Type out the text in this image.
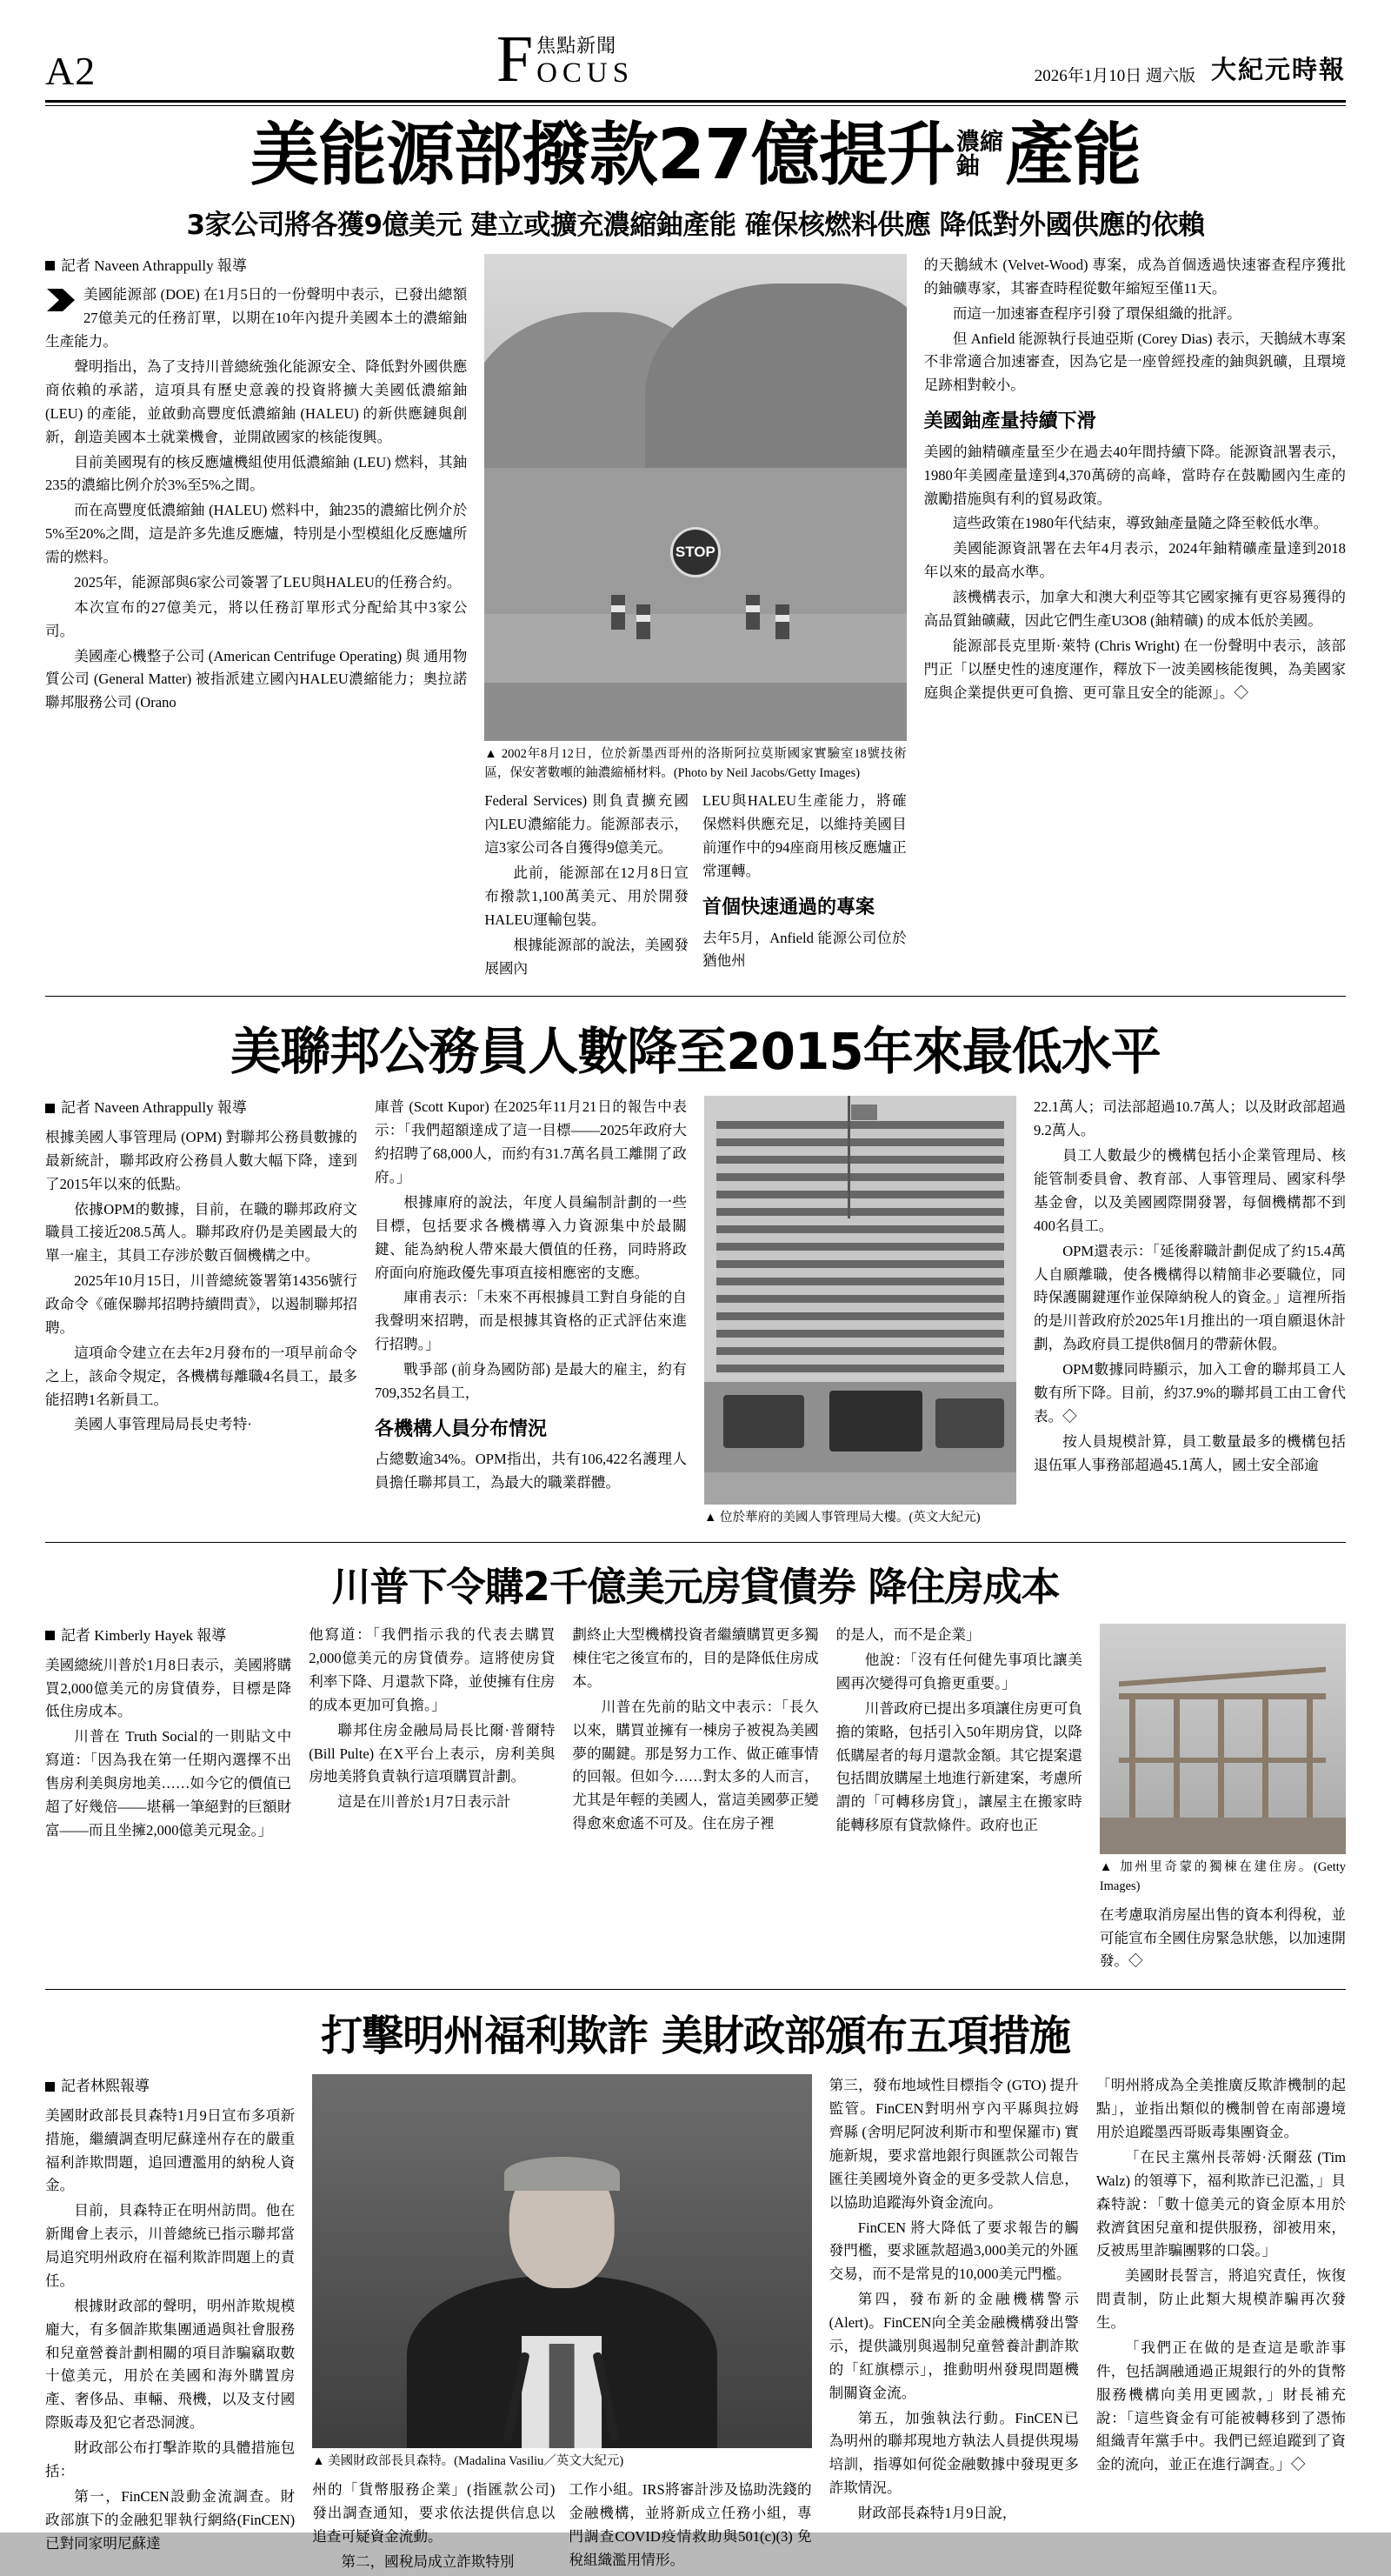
A2	F 焦點新聞
OCUS	2026年1月10日 週六版 大紀元時報
美能源部撥款27億提升 濃縮
鈾 產能
3家公司將各獲9億美元 建立或擴充濃縮鈾產能 確保核燃料供應 降低對外國供應的依賴
記者 Naveen Athrappully 報導

美國能源部 (DOE) 在1月5日的一份聲明中表示，已發出總額27億美元的任務訂單，以期在10年內提升美國本土的濃縮鈾生產能力。

聲明指出，為了支持川普總統強化能源安全、降低對外國供應商依賴的承諾，這項具有歷史意義的投資將擴大美國低濃縮鈾 (LEU) 的產能，並啟動高豐度低濃縮鈾 (HALEU) 的新供應鏈與創新，創造美國本土就業機會，並開啟國家的核能復興。

目前美國現有的核反應爐機組使用低濃縮鈾 (LEU) 燃料，其鈾235的濃縮比例介於3%至5%之間。

而在高豐度低濃縮鈾 (HALEU) 燃料中，鈾235的濃縮比例介於5%至20%之間，這是許多先進反應爐，特別是小型模組化反應爐所需的燃料。

2025年，能源部與6家公司簽署了LEU與HALEU的任務合約。

本次宣布的27億美元，將以任務訂單形式分配給其中3家公司。

美國產心機整子公司 (American Centrifuge Operating) 與 通用物質公司 (General Matter) 被指派建立國內HALEU濃縮能力；奧拉諾聯邦服務公司 (Orano

STOP
▲ 2002年8月12日，位於新墨西哥州的洛斯阿拉莫斯國家實驗室18號技術區，保安著數噸的鈾濃縮桶材料。(Photo by Neil Jacobs/Getty Images)

Federal Services) 則負責擴充國內LEU濃縮能力。能源部表示，這3家公司各自獲得9億美元。

此前，能源部在12月8日宣布撥款1,100萬美元、用於開發HALEU運輸包裝。

根據能源部的說法，美國發展國內

LEU與HALEU生產能力，將確保燃料供應充足，以維持美國目前運作中的94座商用核反應爐正常運轉。

首個快速通過的專案

去年5月，Anfield 能源公司位於猶他州

的天鵝絨木 (Velvet-Wood) 專案，成為首個透過快速審查程序獲批的鈾礦專家，其審查時程從數年縮短至僅11天。

而這一加速審查程序引發了環保組織的批評。

但 Anfield 能源執行長迪亞斯 (Corey Dias) 表示，天鵝絨木專案不非常適合加速審查，因為它是一座曾經投產的鈾與釩礦，且環境足跡相對較小。

美國鈾產量持續下滑

美國的鈾精礦產量至少在過去40年間持續下降。能源資訊署表示，1980年美國產量達到4,370萬磅的高峰，當時存在鼓勵國內生產的激勵措施與有利的貿易政策。

這些政策在1980年代結束，導致鈾產量隨之降至較低水準。

美國能源資訊署在去年4月表示，2024年鈾精礦產量達到2018年以來的最高水準。

該機構表示，加拿大和澳大利亞等其它國家擁有更容易獲得的高品質鈾礦藏，因此它們生產U3O8 (鈾精礦) 的成本低於美國。

能源部長克里斯·萊特 (Chris Wright) 在一份聲明中表示，該部門正「以歷史性的速度運作，釋放下一波美國核能復興，為美國家庭與企業提供更可負擔、更可靠且安全的能源」。◇

美聯邦公務員人數降至2015年來最低水平
記者 Naveen Athrappully 報導

根據美國人事管理局 (OPM) 對聯邦公務員數據的最新統計，聯邦政府公務員人數大幅下降，達到了2015年以來的低點。

依據OPM的數據，目前，在職的聯邦政府文職員工接近208.5萬人。聯邦政府仍是美國最大的單一雇主，其員工存涉於數百個機構之中。

2025年10月15日，川普總統簽署第14356號行政命令《確保聯邦招聘持續問責》，以遏制聯邦招聘。

這項命令建立在去年2月發布的一項早前命令之上，該命令規定，各機構每離職4名員工，最多能招聘1名新員工。

美國人事管理局局長史考特·

庫普 (Scott Kupor) 在2025年11月21日的報告中表示：「我們超額達成了這一目標——2025年政府大約招聘了68,000人，而約有31.7萬名員工離開了政府。」

根據庫府的說法，年度人員編制計劃的一些目標，包括要求各機構導入力資源集中於最關鍵、能為納稅人帶來最大價值的任務，同時將政府面向府施政優先事項直接相應密的支應。

庫甫表示：「未來不再根據員工對自身能的自我聲明來招聘，而是根據其資格的正式評估來進行招聘。」

戰爭部 (前身為國防部) 是最大的雇主，約有709,352名員工，

各機構人員分布情況

占總數逾34%。OPM指出，共有106,422名護理人員擔任聯邦員工，為最大的職業群體。

▲ 位於華府的美國人事管理局大樓。(英文大紀元)

22.1萬人；司法部超過10.7萬人；以及財政部超過9.2萬人。

員工人數最少的機構包括小企業管理局、核能管制委員會、教育部、人事管理局、國家科學基金會，以及美國國際開發署，每個機構都不到400名員工。

OPM還表示：「延後辭職計劃促成了約15.4萬人自願離職，使各機構得以精簡非必要職位，同時保護關鍵運作並保障納稅人的資金。」這裡所指的是川普政府於2025年1月推出的一項自願退休計劃，為政府員工提供8個月的帶薪休假。

OPM數據同時顯示，加入工會的聯邦員工人數有所下降。目前，約37.9%的聯邦員工由工會代表。◇

按人員規模計算，員工數量最多的機構包括退伍軍人事務部超過45.1萬人，國土安全部逾

川普下令購2千億美元房貸債券 降住房成本
記者 Kimberly Hayek 報導

美國總統川普於1月8日表示，美國將購買2,000億美元的房貸債券，目標是降低住房成本。

川普在 Truth Social的一則貼文中寫道：「因為我在第一任期內選擇不出售房利美與房地美……如今它的價值已超了好幾倍——堪稱一筆絕對的巨額財富——而且坐擁2,000億美元現金。」

他寫道：「我們指示我的代表去購買2,000億美元的房貸債券。這將使房貸利率下降、月還款下降，並使擁有住房的成本更加可負擔。」

聯邦住房金融局局長比爾·普爾特 (Bill Pulte) 在X平台上表示，房利美與房地美將負責執行這項購買計劃。

這是在川普於1月7日表示計

劃終止大型機構投資者繼續購買更多獨棟住宅之後宣布的，目的是降低住房成本。

川普在先前的貼文中表示：「長久以來，購買並擁有一棟房子被視為美國夢的關鍵。那是努力工作、做正確事情的回報。但如今……對太多的人而言，尤其是年輕的美國人，當這美國夢正變得愈來愈遙不可及。住在房子裡

的是人，而不是企業」

他說：「沒有任何健先事項比讓美國再次變得可負擔更重要。」

川普政府已提出多項讓住房更可負擔的策略，包括引入50年期房貸，以降低購屋者的每月還款金額。其它提案還包括間放購屋土地進行新建案，考慮所謂的「可轉移房貸」，讓屋主在搬家時能轉移原有貸款條件。政府也正

▲ 加州里奇蒙的獨棟在建住房。(Getty Images)

在考慮取消房屋出售的資本利得稅，並可能宣布全國住房緊急狀態，以加速開發。◇

打擊明州福利欺詐 美財政部頒布五項措施
記者林熙報導

美國財政部長貝森特1月9日宣布多項新措施，繼續調查明尼蘇達州存在的嚴重福利詐欺問題，追回遭濫用的納稅人資金。

目前，貝森特正在明州訪問。他在新聞會上表示，川普總統已指示聯邦當局追究明州政府在福利欺詐問題上的責任。

根據財政部的聲明，明州詐欺規模龐大，有多個詐欺集團通過與社會服務和兒童營養計劃相關的項目詐騙竊取數十億美元，用於在美國和海外購置房產、奢侈品、車輛、飛機，以及支付國際販毒及犯它者恐洞渡。

財政部公布打擊詐欺的具體措施包括：

第一，FinCEN設動金流調查。財政部旗下的金融犯罪執行網絡(FinCEN)已對同家明尼蘇達

▲ 美國財政部長貝森特。(Madalina Vasiliu／英文大紀元)

州的「貨幣服務企業」(指匯款公司) 發出調查通知，要求依法提供信息以追查可疑資金流動。

第二，國稅局成立詐欺特別

工作小組。IRS將審計涉及協助洗錢的金融機構，並將新成立任務小組，專門調查COVID疫情救助與501(c)(3) 免稅組織濫用情形。

第三，發布地域性目標指令 (GTO) 提升監管。FinCEN對明州亨內平縣與拉姆齊縣 (舍明尼阿波利斯市和聖保羅市) 實施新規，要求當地銀行與匯款公司報告匯往美國境外資金的更多受款人信息，以協助追蹤海外資金流向。

FinCEN 將大降低了要求報告的觸發門檻，要求匯款超過3,000美元的外匯交易，而不是常見的10,000美元門檻。

第四，發布新的金融機構警示 (Alert)。FinCEN向全美金融機構發出警示，提供識別與遏制兒童營養計劃詐欺的「紅旗標示」，推動明州發現問題機制關資金流。

第五，加強執法行動。FinCEN已為明州的聯邦現地方執法人員提供現場培訓，指導如何從金融數據中發現更多詐欺情況。

財政部長森特1月9日說，

「明州將成為全美推廣反欺詐機制的起點」，並指出類似的機制曾在南部邊境用於追蹤墨西哥販毒集團資金。

「在民主黨州長蒂姆·沃爾茲 (Tim Walz) 的領導下，福利欺詐已氾濫，」貝森特說：「數十億美元的資金原本用於救濟貧困兒童和提供服務，卻被用來，反被馬里詐騙團夥的口袋。」

美國財長誓言，將追究責任，恢復問責制，防止此類大規模詐騙再次發生。

「我們正在做的是查這是歌詐事件，包括調融通過正規銀行的外的貨幣服務機構向美用更國款，」財長補充說：「這些資金有可能被轉移到了憑怖組織青年黨手中。我們已經追蹤到了資金的流向，並正在進行調查。」◇
